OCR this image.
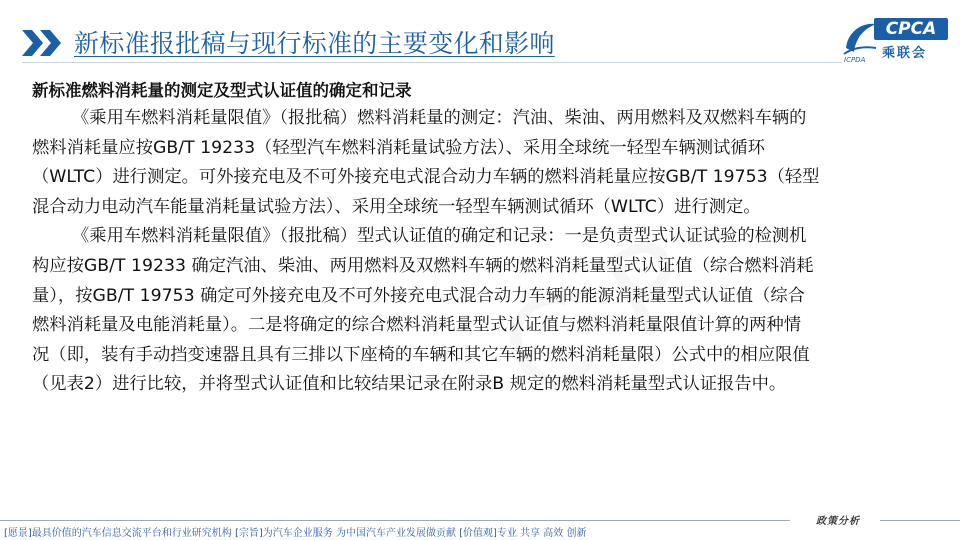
新标准报批稿与现行标准的主要变化和影响	CPCA
乘联会
ICPDA
新标准燃料消耗量的测定及型式认证值的确定和记录
《乘用车燃料消耗量限值》（报批稿）燃料消耗量的测定：汽油、柴油、两用燃料及双燃料车辆的
燃料消耗量应按GB/T 19233（轻型汽车燃料消耗量试验方法）、采用全球统一轻型车辆测试循环
（WLTC）进行测定。可外接充电及不可外接充电式混合动力车辆的燃料消耗量应按GB/T 19753（轻型
混合动力电动汽车能量消耗量试验方法）、采用全球统一轻型车辆测试循环（WLTC）进行测定。
《乘用车燃料消耗量限值》（报批稿）型式认证值的确定和记录：一是负责型式认证试验的检测机
构应按GB/T 19233 确定汽油、柴油、两用燃料及双燃料车辆的燃料消耗量型式认证值（综合燃料消耗
量），按GB/T 19753 确定可外接充电及不可外接充电式混合动力车辆的能源消耗量型式认证值（综合
燃料消耗量及电能消耗量）。二是将确定的综合燃料消耗量型式认证值与燃料消耗量限值计算的两种情
况（即，装有手动挡变速器且具有三排以下座椅的车辆和其它车辆的燃料消耗量限）公式中的相应限值
（见表2）进行比较，并将型式认证值和比较结果记录在附录B 规定的燃料消耗量型式认证报告中。
政策分析
[愿景]最具价值的汽车信息交流平台和行业研究机构 [宗旨]为汽车企业服务 为中国汽车产业发展做贡献 [价值观]专业 共享 高效 创新
